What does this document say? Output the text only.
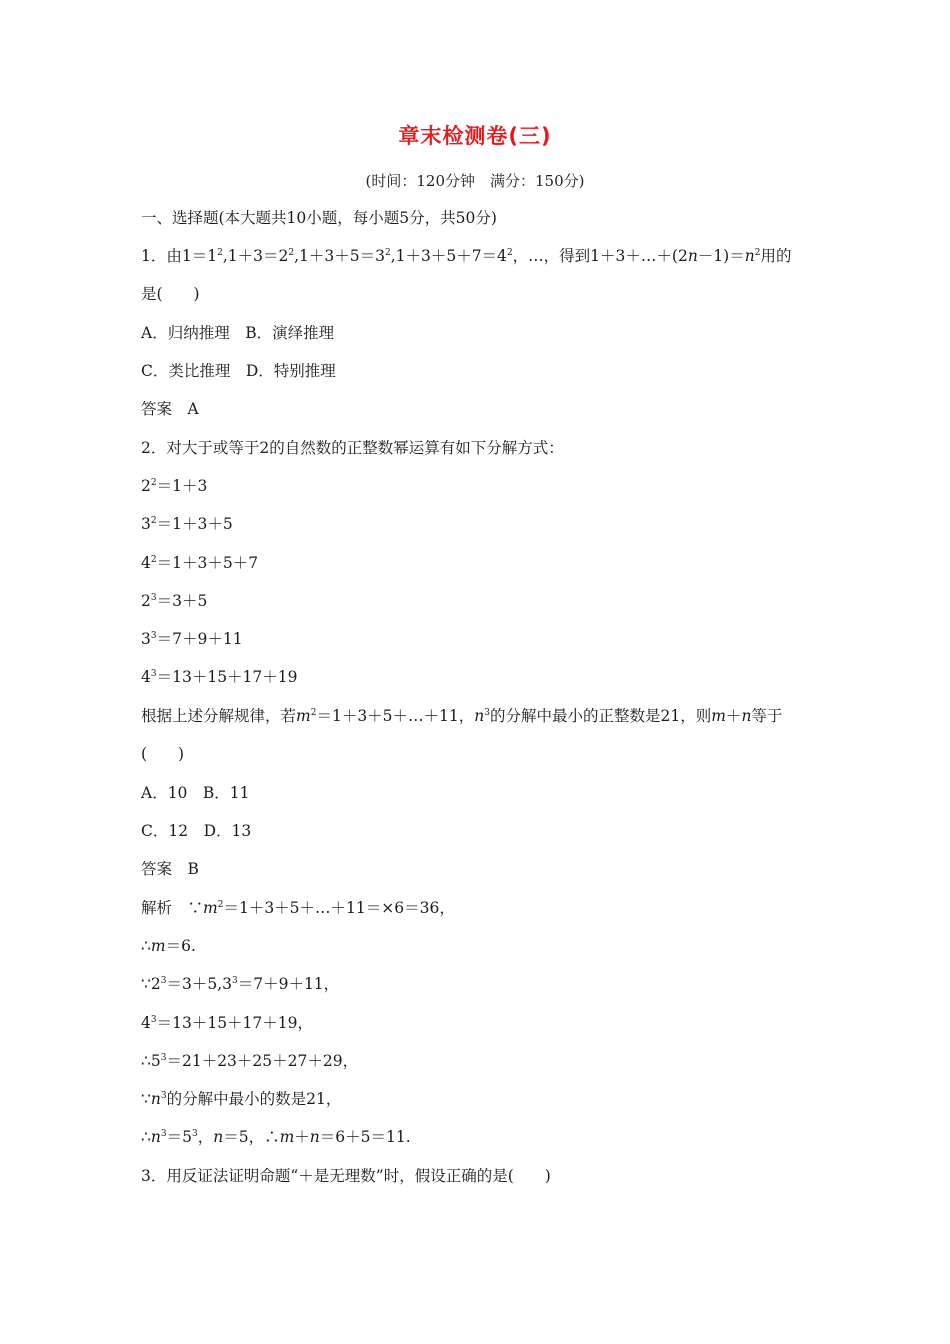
章末检测卷(三)
(时间：120分钟　满分：150分)
一、选择题(本大题共10小题，每小题5分，共50分)
1．由$1=1^2,1+3=2^2,1+3+5=3^2,1+3+5+7=4^2$，…，得到$1+3+\dots+(2n-1)=n^2$用的
是(　　)
A．归纳推理　B．演绎推理
C．类比推理　D．特别推理
答案　A
2．对大于或等于2的自然数的正整数幂运算有如下分解方式：
$2^2=1+3$
$3^2=1+3+5$
$4^2=1+3+5+7$
$2^3=3+5$
$3^3=7+9+11$
$4^3=13+15+17+19$
根据上述分解规律，若$m^2=1+3+5+\dots+11$，$n^3$的分解中最小的正整数是21，则m＋n等于
(　　)
A．10　B．11
C．12　D．13
答案　B
解析　$\because m^2=1+3+5+\dots+11=\times 6=36$，
∴m＝6.
$\because 2^3=3+5,3^3=7+9+11$，
$4^3=13+15+17+19$，
$\therefore 5^3=21+23+25+27+29$，
$\because n^3$的分解中最小的数是21，
$\therefore n^3=5^3$，n＝5，∴m＋n＝6＋5＝11.
3．用反证法证明命题“＋是无理数”时，假设正确的是(　　)
